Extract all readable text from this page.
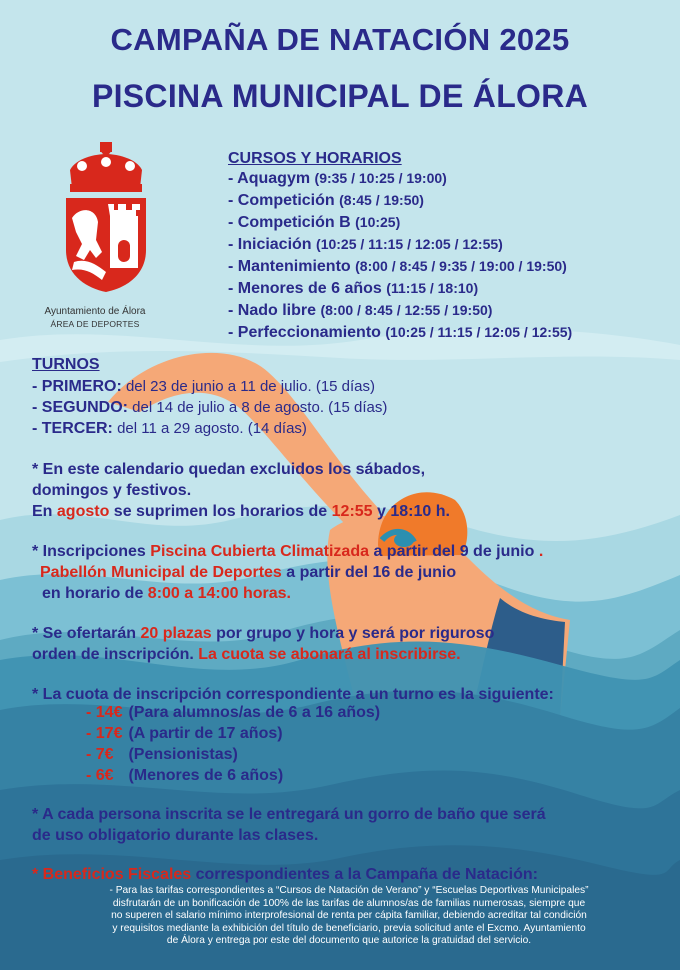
CAMPAÑA DE NATACIÓN 2025
PISCINA MUNICIPAL DE ÁLORA
Ayuntamiento de Álora
ÁREA DE DEPORTES
CURSOS Y HORARIOS
- Aquagym (9:35 / 10:25 / 19:00)
- Competición (8:45 / 19:50)
- Competición B (10:25)
- Iniciación (10:25 / 11:15 / 12:05 / 12:55)
- Mantenimiento (8:00 / 8:45 / 9:35 / 19:00 / 19:50)
- Menores de 6 años (11:15 / 18:10)
- Nado libre (8:00 / 8:45 / 12:55 / 19:50)
- Perfeccionamiento (10:25 / 11:15 / 12:05 / 12:55)
TURNOS
- PRIMERO: del 23 de junio a 11 de julio. (15 días)
- SEGUNDO: del 14 de julio a 8 de agosto. (15 días)
- TERCER: del 11 a 29 agosto. (14 días)
* En este calendario quedan excluidos los sábados,
domingos y festivos.
En agosto se suprimen los horarios de 12:55 y 18:10 h.
* Inscripciones Piscina Cubierta Climatizada a partir del 9 de junio .
Pabellón Municipal de Deportes a partir del 16 de junio
en horario de 8:00 a 14:00 horas.
* Se ofertarán 20 plazas por grupo y hora y será por riguroso
orden de inscripción. La cuota se abonará al inscribirse.
* La cuota de inscripción correspondiente a un turno es la siguiente:
- 14€ (Para alumnos/as de 6 a 16 años)
- 17€ (A partir de 17 años)
- 7€ (Pensionistas)
- 6€ (Menores de 6 años)
* A cada persona inscrita se le entregará un gorro de baño que será
de uso obligatorio durante las clases.
* Beneficios Fiscales correspondientes a la Campaña de Natación:
- Para las tarifas correspondientes a “Cursos de Natación de Verano” y “Escuelas Deportivas Municipales”
disfrutarán de un bonificación de 100% de las tarifas de alumnos/as de familias numerosas, siempre que
no superen el salario mínimo interprofesional de renta per cápita familiar, debiendo acreditar tal condición
y requisitos mediante la exhibición del título de beneficiario, previa solicitud ante el Excmo. Ayuntamiento
de Álora y entrega por este del documento que autorice la gratuidad del servicio.
